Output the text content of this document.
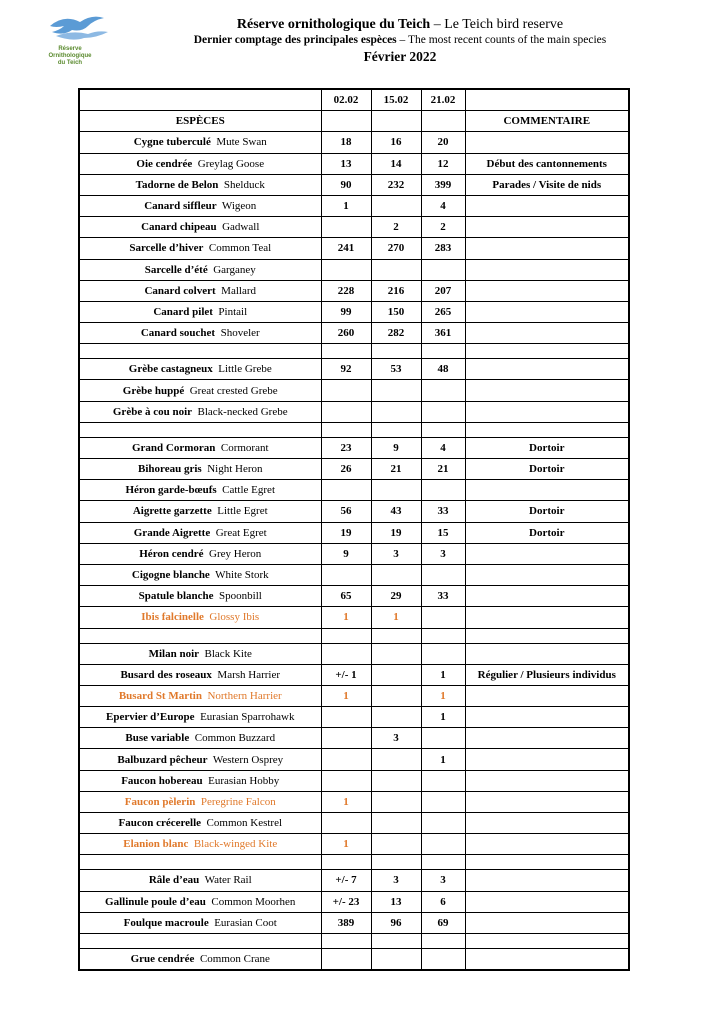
Réserve
Ornithologique
du Teich
Réserve ornithologique du Teich – Le Teich bird reserve
Dernier comptage des principales espèces – The most recent counts of the main species
Février 2022
	02.02	15.02	21.02	
ESPÈCES				COMMENTAIRE
Cygne tuberculé Mute Swan	18	16	20	
Oie cendrée Greylag Goose	13	14	12	Début des cantonnements
Tadorne de Belon Shelduck	90	232	399	Parades / Visite de nids
Canard siffleur Wigeon	1		4	
Canard chipeau Gadwall		2	2	
Sarcelle d’hiver Common Teal	241	270	283	
Sarcelle d’été Garganey				
Canard colvert Mallard	228	216	207	
Canard pilet Pintail	99	150	265	
Canard souchet Shoveler	260	282	361	

Grèbe castagneux Little Grebe	92	53	48	
Grèbe huppé Great crested Grebe				
Grèbe à cou noir Black-necked Grebe				

Grand Cormoran Cormorant	23	9	4	Dortoir
Bihoreau gris Night Heron	26	21	21	Dortoir
Héron garde-bœufs Cattle Egret				
Aigrette garzette Little Egret	56	43	33	Dortoir
Grande Aigrette Great Egret	19	19	15	Dortoir
Héron cendré Grey Heron	9	3	3	
Cigogne blanche White Stork				
Spatule blanche Spoonbill	65	29	33	
Ibis falcinelle Glossy Ibis	1	1		

Milan noir Black Kite				
Busard des roseaux Marsh Harrier	+/- 1		1	Régulier / Plusieurs individus
Busard St Martin Northern Harrier	1		1	
Epervier d’Europe Eurasian Sparrohawk			1	
Buse variable Common Buzzard		3		
Balbuzard pêcheur Western Osprey			1	
Faucon hobereau Eurasian Hobby				
Faucon pèlerin Peregrine Falcon	1			
Faucon crécerelle Common Kestrel				
Elanion blanc Black-winged Kite	1			

Râle d’eau Water Rail	+/- 7	3	3	
Gallinule poule d’eau Common Moorhen	+/- 23	13	6	
Foulque macroule Eurasian Coot	389	96	69	

Grue cendrée Common Crane				
